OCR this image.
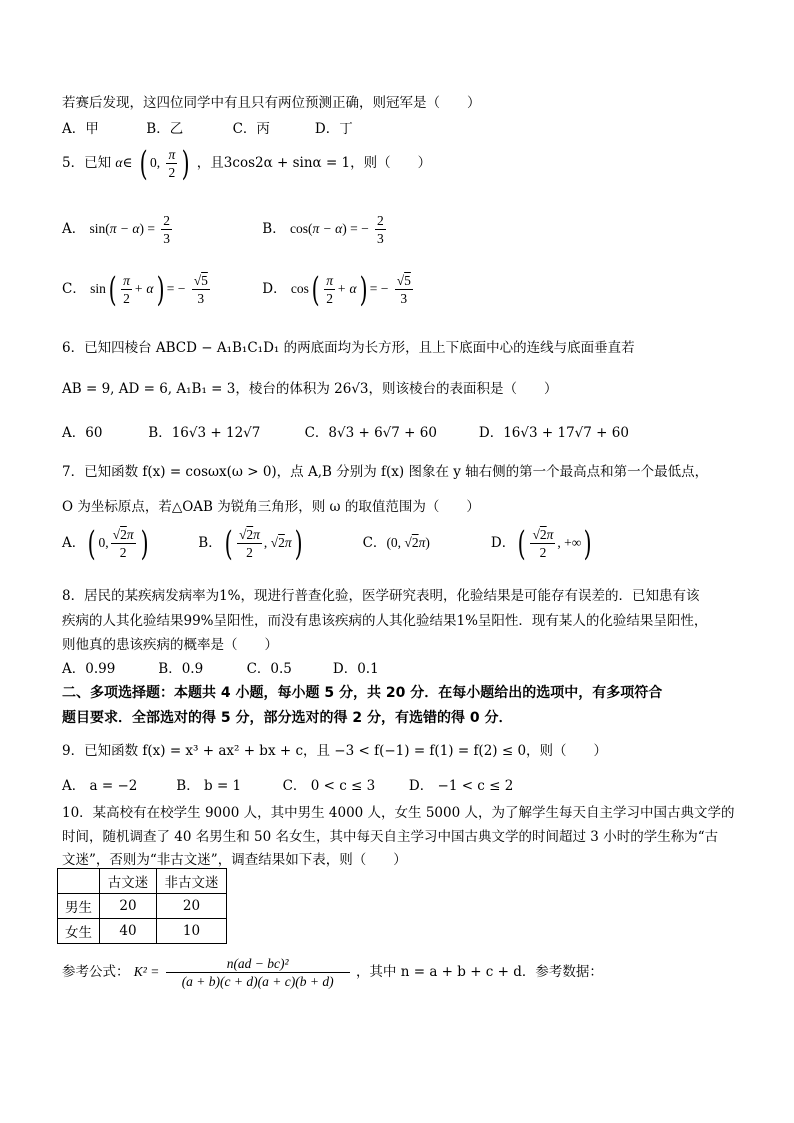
若赛后发现，这四位同学中有且只有两位预测正确，则冠军是（　　）
A．甲	B．乙	C．丙	D．丁
5．已知 α∈ ( 0, $\frac{\pi}{2}$ ) ，且3cos2α + sinα = 1，则（　　）
A． $\sin(\pi - \alpha) = \frac{2}{3}$	B． cos(π − α) = − $\frac{2}{3}$
C． $\sin( \frac{\pi}{2} + \alpha)$ = − $\frac{√5}{3}$	D． $\cos( \frac{\pi}{2} + \alpha)$ = − $\frac{√5}{3}$
6．已知四棱台 ABCD − A₁B₁C₁D₁ 的两底面均为长方形，且上下底面中心的连线与底面垂直若
AB = 9, AD = 6, A₁B₁ = 3，棱台的体积为 26√3，则该棱台的表面积是（　　）
A．60	B．16√3 + 12√7	C．8√3 + 6√7 + 60	D．16√3 + 17√7 + 60
7．已知函数 f(x) = cosωx(ω > 0)，点 A,B 分别为 f(x) 图象在 y 轴右侧的第一个最高点和第一个最低点，
O 为坐标原点，若△OAB 为锐角三角形，则 ω 的取值范围为（　　）
A．( 0, $\frac{√2\pi}{2}$ )	B．( $\frac{√2\pi}{2}$ , √2π)	C．(0, √2π)	D．( $\frac{√2\pi}{2}$ , +∞)
8．居民的某疾病发病率为1%，现进行普查化验，医学研究表明，化验结果是可能存有误差的．已知患有该
疾病的人其化验结果99%呈阳性，而没有患该疾病的人其化验结果1%呈阳性．现有某人的化验结果呈阳性，
则他真的患该疾病的概率是（　　）
A．0.99	B．0.9	C．0.5	D．0.1
二、多项选择题：本题共 4 小题，每小题 5 分，共 20 分．在每小题给出的选项中，有多项符合
题目要求．全部选对的得 5 分，部分选对的得 2 分，有选错的得 0 分．
9．已知函数 f(x) = x³ + ax² + bx + c，且 −3 < f(−1) = f(1) = f(2) ≤ 0，则（　　）
A． a = −2	B． b = 1	C． 0 < c ≤ 3 D． −1 < c ≤ 2
10．某高校有在校学生 9000 人，其中男生 4000 人，女生 5000 人，为了解学生每天自主学习中国古典文学的
时间，随机调查了 40 名男生和 50 名女生，其中每天自主学习中国古典文学的时间超过 3 小时的学生称为“古
文迷”，否则为“非古文迷”，调查结果如下表，则（　　）
	古文迷	非古文迷
男生	20	20
女生	40	10
参考公式： $K^2 = \frac{\text{n(ad − bc)²}}{(a + b)(c + d)(a + c)(b + d)}$ ，其中 n = a + b + c + d．参考数据：
